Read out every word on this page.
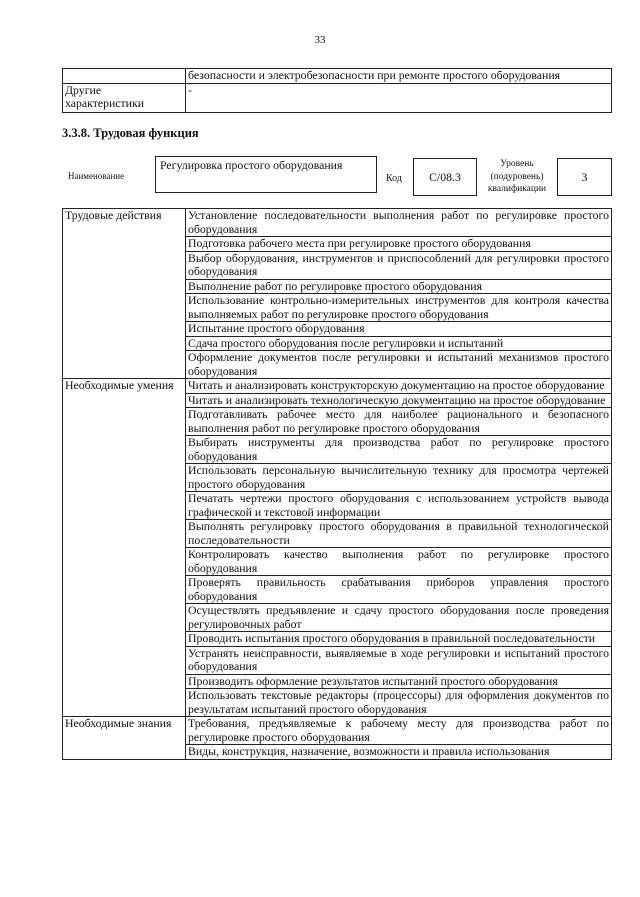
33
	безопасности и электробезопасности при ремонте простого оборудования
Другие характеристики	-
3.3.8. Трудовая функция
Наименование
Регулировка простого оборудования
Код	С/08.3
Уровень (подуровень) квалификации
3
Трудовые действия	Установление последовательности выполнения работ по регулировке простого оборудования
	Подготовка рабочего места при регулировке простого оборудования
	Выбор оборудования, инструментов и приспособлений для регулировки простого оборудования
	Выполнение работ по регулировке простого оборудования
	Использование контрольно-измерительных инструментов для контроля качества выполняемых работ по регулировке простого оборудования
	Испытание простого оборудования
	Сдача простого оборудования после регулировки и испытаний
	Оформление документов после регулировки и испытаний механизмов простого оборудования
Необходимые умения	Читать и анализировать конструкторскую документацию на простое оборудование
	Читать и анализировать технологическую документацию на простое оборудование
	Подготавливать рабочее место для наиболее рационального и безопасного выполнения работ по регулировке простого оборудования
	Выбирать инструменты для производства работ по регулировке простого оборудования
	Использовать персональную вычислительную технику для просмотра чертежей простого оборудования
	Печатать чертежи простого оборудования с использованием устройств вывода графической и текстовой информации
	Выполнять регулировку простого оборудования в правильной технологической последовательности
	Контролировать качество выполнения работ по регулировке простого оборудования
	Проверять правильность срабатывания приборов управления простого оборудования
	Осуществлять предъявление и сдачу простого оборудования после проведения регулировочных работ
	Проводить испытания простого оборудования в правильной последовательности
	Устранять неисправности, выявляемые в ходе регулировки и испытаний простого оборудования
	Производить оформление результатов испытаний простого оборудования
	Использовать текстовые редакторы (процессоры) для оформления документов по результатам испытаний простого оборудования
Необходимые знания	Требования, предъявляемые к рабочему месту для производства работ по регулировке простого оборудования
	Виды, конструкция, назначение, возможности и правила использования
